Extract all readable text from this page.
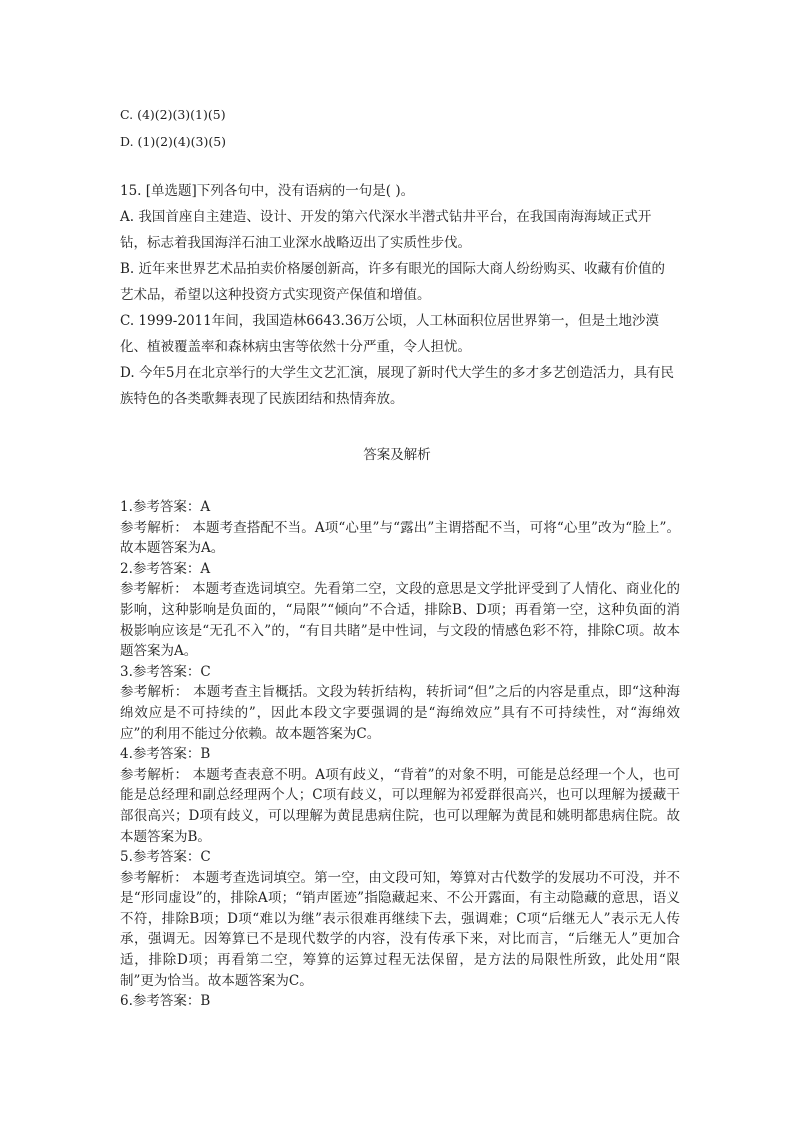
C. (4)(2)(3)(1)(5)
D. (1)(2)(4)(3)(5)

15. [单选题]下列各句中，没有语病的一句是( )。

A. 我国首座自主建造、设计、开发的第六代深水半潜式钻井平台，在我国南海海域正式开钻，标志着我国海洋石油工业深水战略迈出了实质性步伐。

B. 近年来世界艺术品拍卖价格屡创新高，许多有眼光的国际大商人纷纷购买、收藏有价值的艺术品，希望以这种投资方式实现资产保值和增值。

C. 1999-2011年间，我国造林6643.36万公顷，人工林面积位居世界第一，但是土地沙漠化、植被覆盖率和森林病虫害等依然十分严重，令人担忧。

D. 今年5月在北京举行的大学生文艺汇演，展现了新时代大学生的多才多艺创造活力，具有民族特色的各类歌舞表现了民族团结和热情奔放。

答案及解析

1.参考答案：A

参考解析： 本题考查搭配不当。A项“心里”与“露出”主谓搭配不当，可将“心里”改为“脸上”。故本题答案为A。

2.参考答案：A

参考解析： 本题考查选词填空。先看第二空，文段的意思是文学批评受到了人情化、商业化的影响，这种影响是负面的，“局限”“倾向”不合适，排除B、D项；再看第一空，这种负面的消极影响应该是“无孔不入”的，“有目共睹”是中性词，与文段的情感色彩不符，排除C项。故本题答案为A。

3.参考答案：C

参考解析： 本题考查主旨概括。文段为转折结构，转折词“但”之后的内容是重点，即“这种海绵效应是不可持续的”，因此本段文字要强调的是“海绵效应”具有不可持续性，对“海绵效应”的利用不能过分依赖。故本题答案为C。

4.参考答案：B

参考解析： 本题考查表意不明。A项有歧义，“背着”的对象不明，可能是总经理一个人，也可能是总经理和副总经理两个人；C项有歧义，可以理解为祁爱群很高兴，也可以理解为援藏干部很高兴；D项有歧义，可以理解为黄昆患病住院，也可以理解为黄昆和姚明都患病住院。故本题答案为B。

5.参考答案：C

参考解析： 本题考查选词填空。第一空，由文段可知，筹算对古代数学的发展功不可没，并不是“形同虚设”的，排除A项；“销声匿迹”指隐藏起来、不公开露面，有主动隐藏的意思，语义不符，排除B项；D项“难以为继”表示很难再继续下去，强调难；C项“后继无人”表示无人传承，强调无。因筹算已不是现代数学的内容，没有传承下来，对比而言，“后继无人”更加合适，排除D项；再看第二空，筹算的运算过程无法保留，是方法的局限性所致，此处用“限制”更为恰当。故本题答案为C。

6.参考答案：B
